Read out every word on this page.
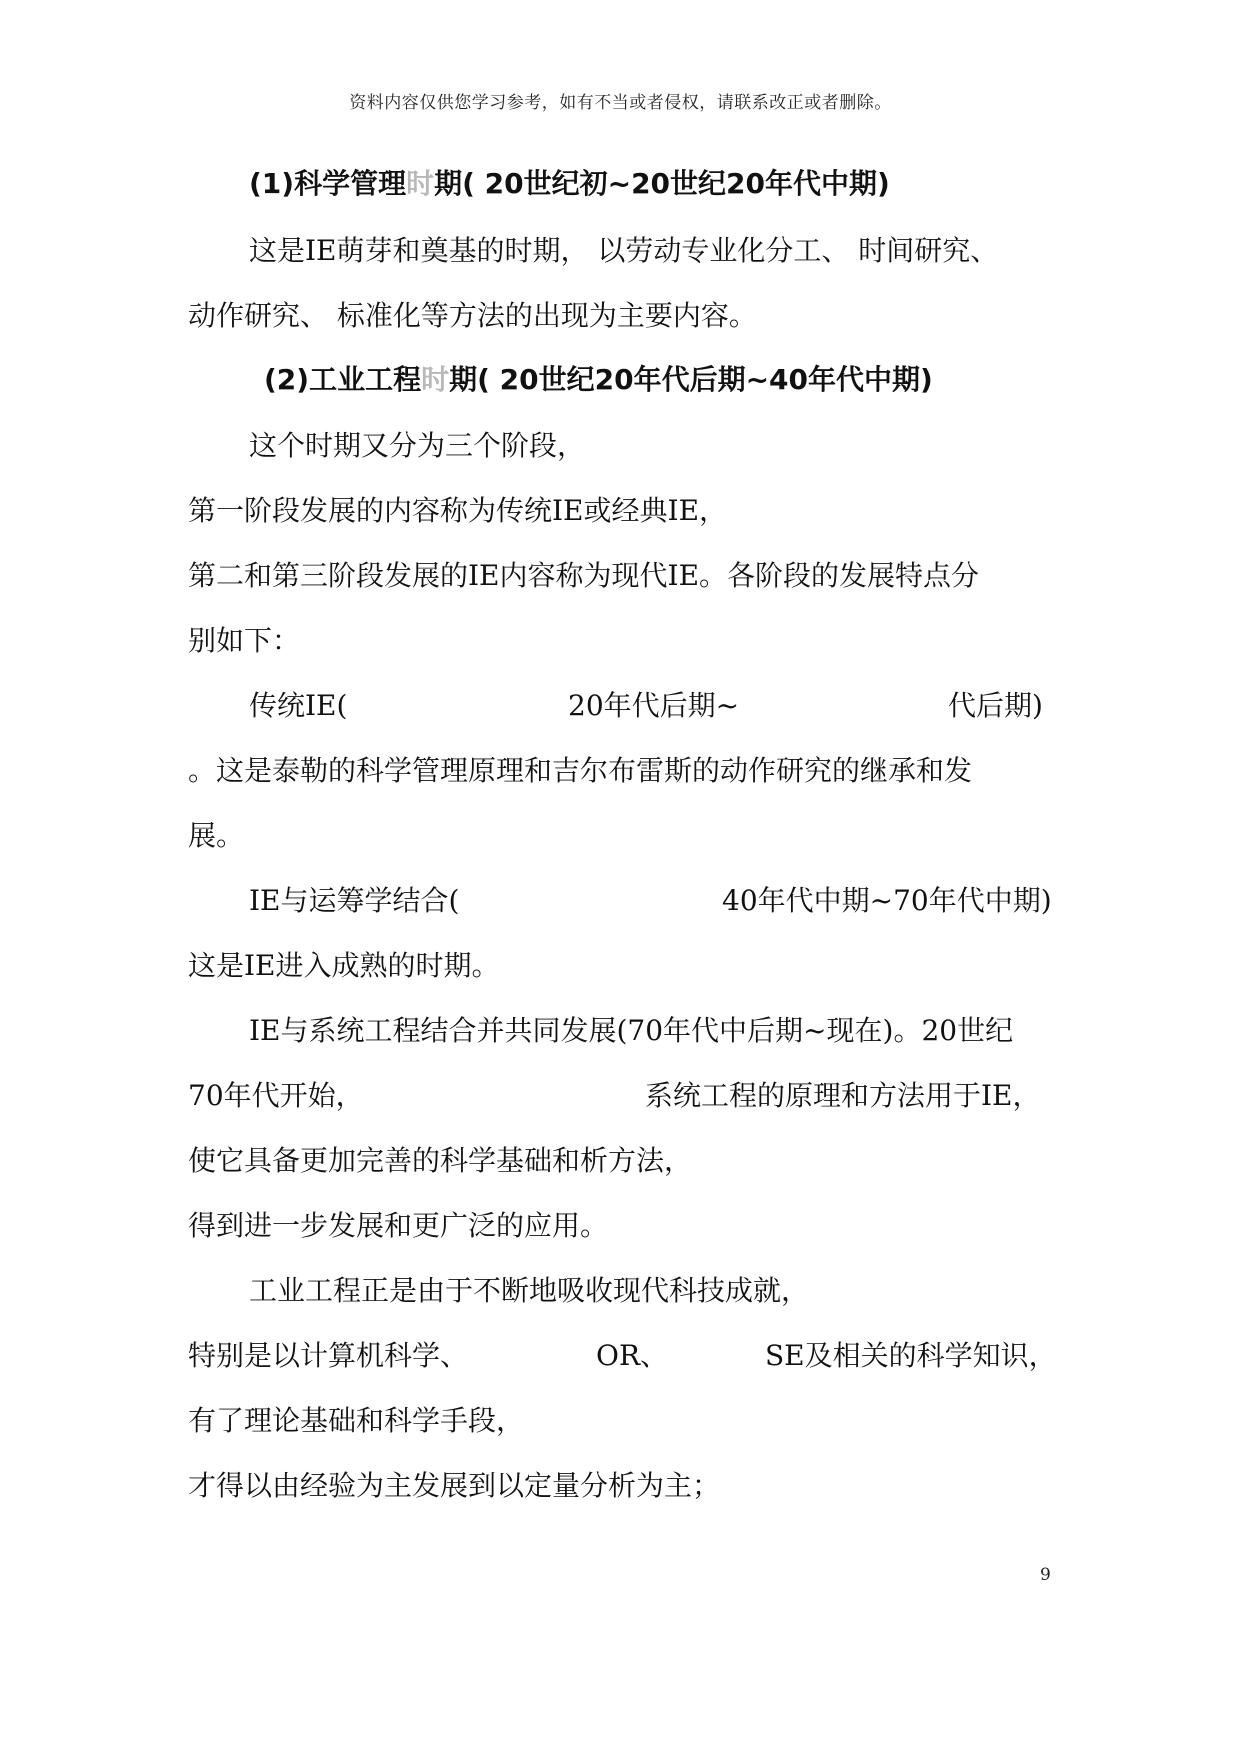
资料内容仅供您学习参考，如有不当或者侵权，请联系改正或者删除。
(1)科学管理时期( 20世纪初~20世纪20年代中期)
这是IE萌芽和奠基的时期， 以劳动专业化分工、 时间研究、
动作研究、 标准化等方法的出现为主要内容。
(2)工业工程时期( 20世纪20年代后期~40年代中期)
这个时期又分为三个阶段，
第一阶段发展的内容称为传统IE或经典IE，
第二和第三阶段发展的IE内容称为现代IE。各阶段的发展特点分
别如下：
传统IE(	20年代后期~	代后期)
。这是泰勒的科学管理原理和吉尔布雷斯的动作研究的继承和发
展。
IE与运筹学结合(	40年代中期~70年代中期)
这是IE进入成熟的时期。
IE与系统工程结合并共同发展(70年代中后期~现在)。20世纪
70年代开始，	系统工程的原理和方法用于IE，
使它具备更加完善的科学基础和析方法，
得到进一步发展和更广泛的应用。
工业工程正是由于不断地吸收现代科技成就，
特别是以计算机科学、	OR、	SE及相关的科学知识，
有了理论基础和科学手段，
才得以由经验为主发展到以定量分析为主；
9
